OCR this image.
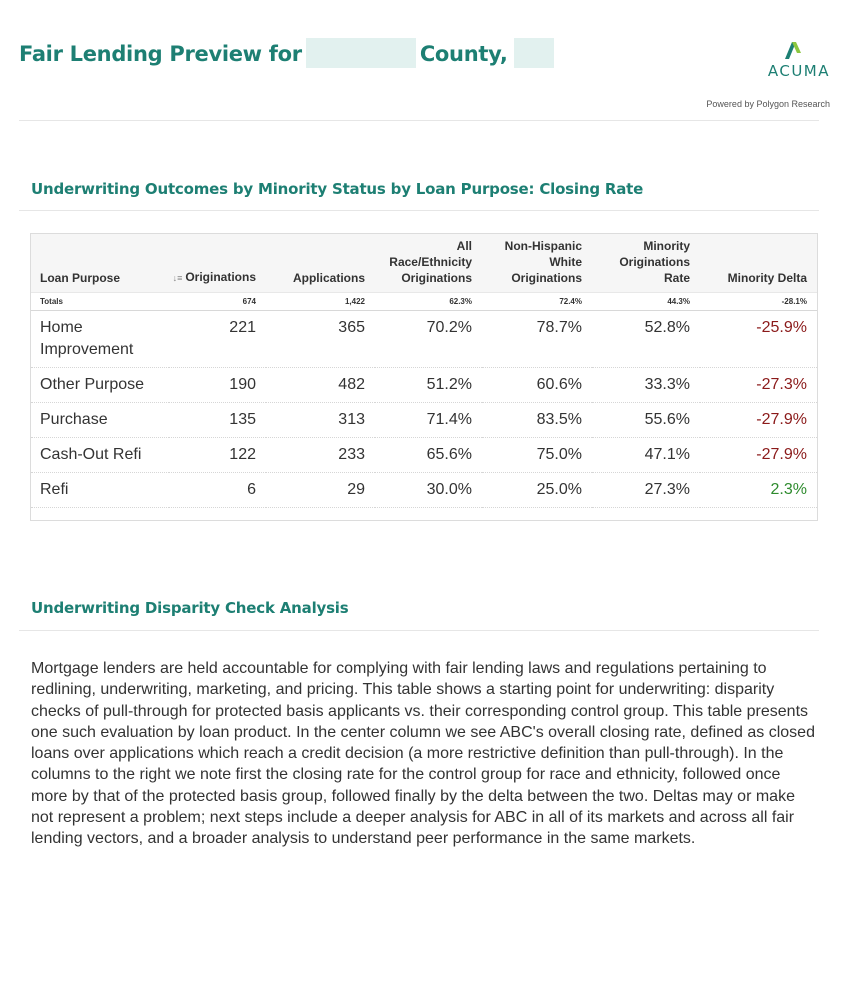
Fair Lending Preview for	County,
ACUMA
Powered by Polygon Research
Underwriting Outcomes by Minority Status by Loan Purpose: Closing Rate
Loan Purpose	↓≡ Originations	Applications	All Race/Ethnicity Originations	Non-Hispanic White Originations	Minority Originations Rate	Minority Delta
Totals	674	1,422	62.3%	72.4%	44.3%	-28.1%
Home Improvement	221	365	70.2%	78.7%	52.8%	-25.9%
Other Purpose	190	482	51.2%	60.6%	33.3%	-27.3%
Purchase	135	313	71.4%	83.5%	55.6%	-27.9%
Cash-Out Refi	122	233	65.6%	75.0%	47.1%	-27.9%
Refi	6	29	30.0%	25.0%	27.3%	2.3%
Underwriting Disparity Check Analysis

Mortgage lenders are held accountable for complying with fair lending laws and regulations pertaining to redlining, underwriting, marketing, and pricing. This table shows a starting point for underwriting: disparity checks of pull-through for protected basis applicants vs. their corresponding control group. This table presents one such evaluation by loan product. In the center column we see ABC's overall closing rate, defined as closed loans over applications which reach a credit decision (a more restrictive definition than pull-through). In the columns to the right we note first the closing rate for the control group for race and ethnicity, followed once more by that of the protected basis group, followed finally by the delta between the two. Deltas may or make not represent a problem; next steps include a deeper analysis for ABC in all of its markets and across all fair lending vectors, and a broader analysis to understand peer performance in the same markets.
